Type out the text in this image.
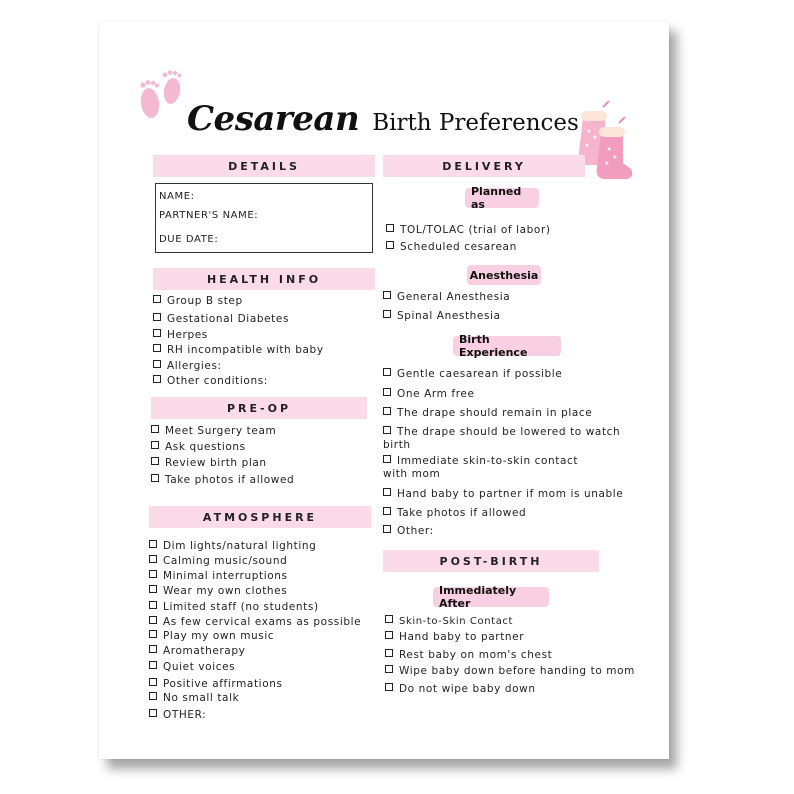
Cesarean Birth Preferences
DETAILS
NAME:
PARTNER'S NAME:
DUE DATE:
HEALTH INFO
Group B step
Gestational Diabetes
Herpes
RH incompatible with baby
Allergies:
Other conditions:
PRE-OP
Meet Surgery team
Ask questions
Review birth plan
Take photos if allowed
ATMOSPHERE
Dim lights/natural lighting
Calming music/sound
Minimal interruptions
Wear my own clothes
Limited staff (no students)
As few cervical exams as possible
Play my own music
Aromatherapy
Quiet voices
Positive affirmations
No small talk
OTHER:
DELIVERY
Planned as
TOL/TOLAC (trial of labor)
Scheduled cesarean
Anesthesia
General Anesthesia
Spinal Anesthesia
Birth Experience
Gentle caesarean if possible
One Arm free
The drape should remain in place
The drape should be lowered to watch birth
Immediate skin-to-skin contact with mom
Hand baby to partner if mom is unable
Take photos if allowed
Other:
POST-BIRTH
Immediately After
Skin-to-Skin Contact
Hand baby to partner
Rest baby on mom's chest
Wipe baby down before handing to mom
Do not wipe baby down
